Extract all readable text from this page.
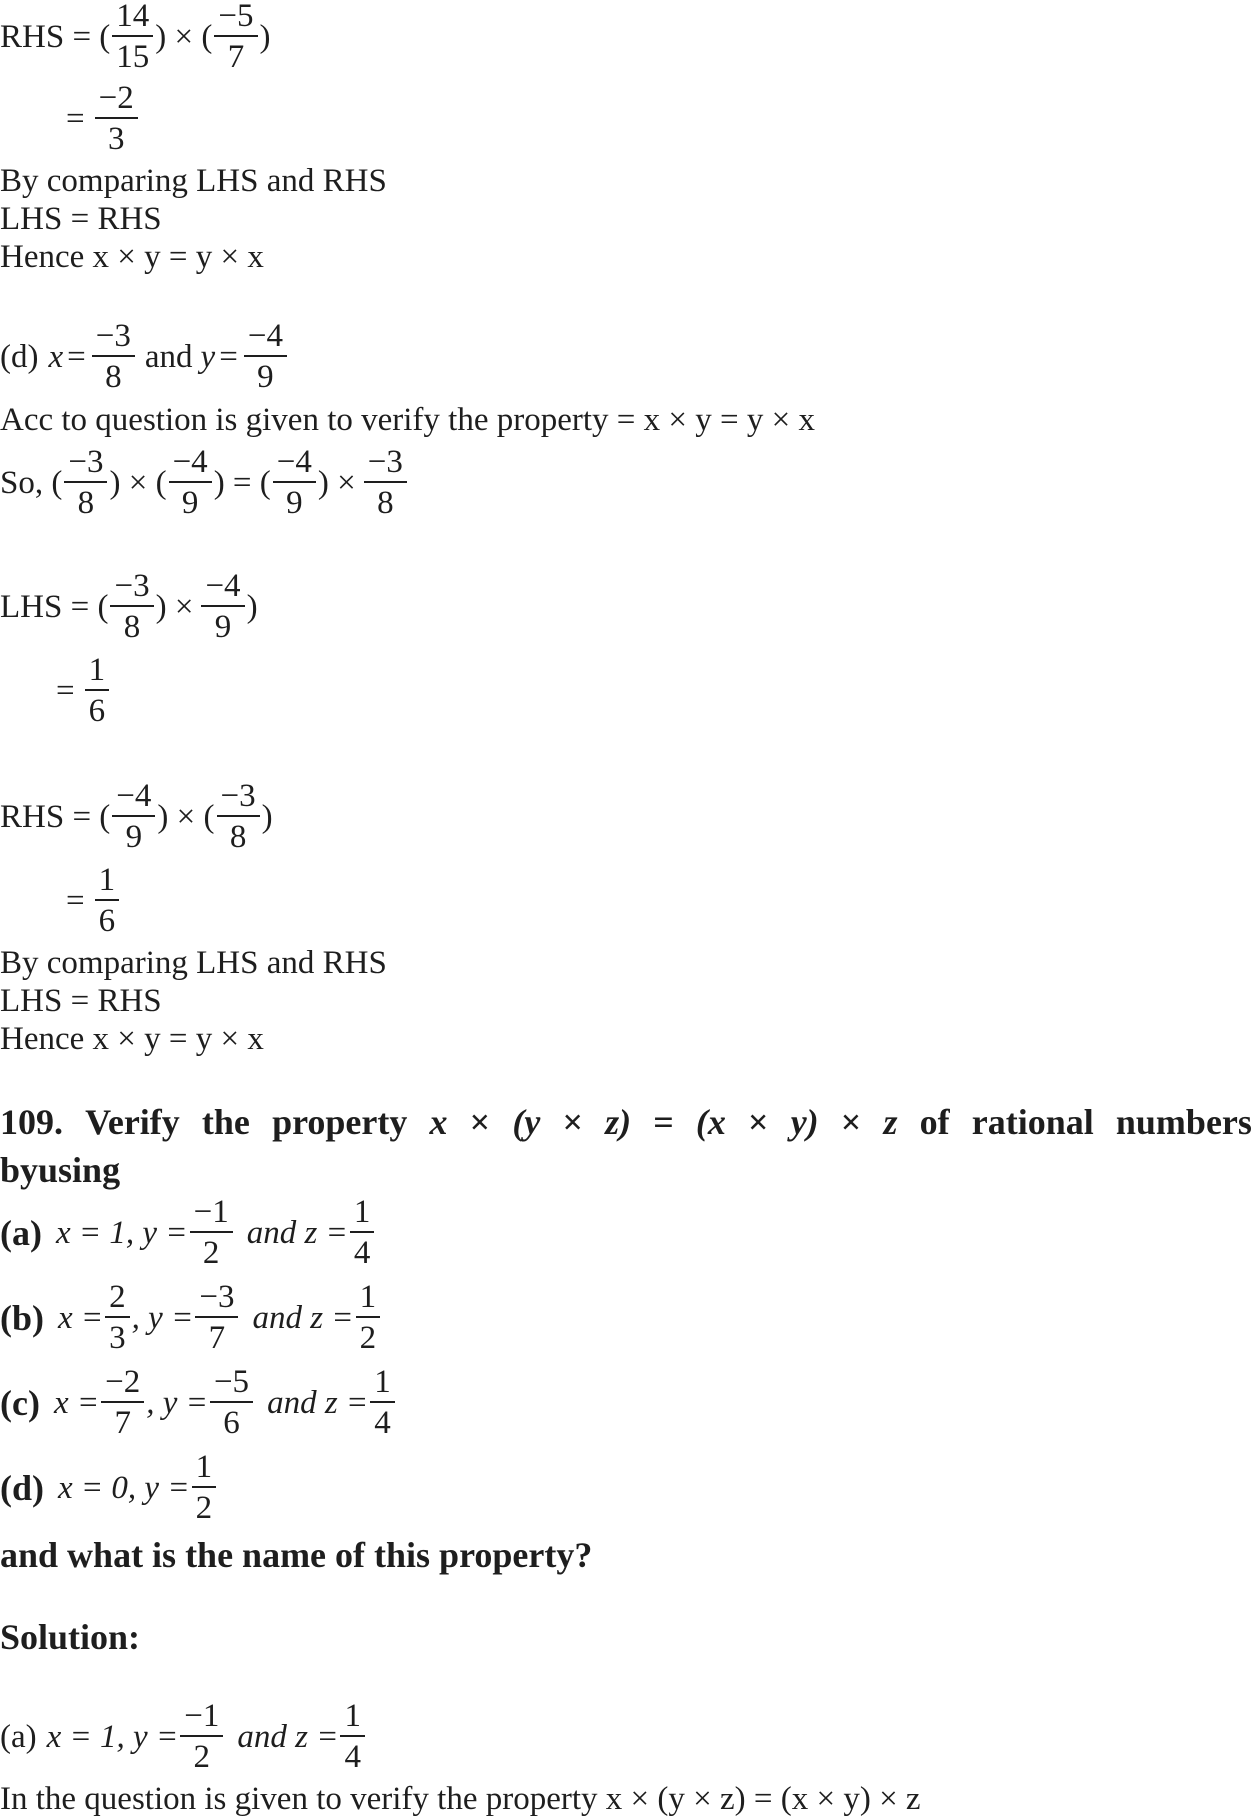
RHS = ( $\frac{14}{15}$ ) × ( $\frac{-5}{7}$ )
= $\frac{-2}{3}$
By comparing LHS and RHS
LHS = RHS
Hence x × y = y × x
(d) $x = \frac{-3}{8}$ and $y = \frac{-4}{9}$
Acc to question is given to verify the property = x × y = y × x
So, ( $\frac{-3}{8}$ ) × ( $\frac{-4}{9}$ ) = ( $\frac{-4}{9}$ ) × $\frac{-3}{8}$
LHS = ( $\frac{-3}{8}$ ) × $\frac{-4}{9}$ )
= $\frac{1}{6}$
RHS = ( $\frac{-4}{9}$ ) × ( $\frac{-3}{8}$ )
= $\frac{1}{6}$
By comparing LHS and RHS
LHS = RHS
Hence x × y = y × x
109. Verify the property x × (y × z) = (x × y) × z of rational numbers
byusing
(a) x = 1, $y = \frac{-1}{2}$ and $z = \frac{1}{4}$
(b) $x = \frac{2}{3}$ , $y = \frac{-3}{7}$ and $z = \frac{1}{2}$
(c) $x = \frac{-2}{7}$ , $y = \frac{-5}{6}$ and $z = \frac{1}{4}$
(d) x = 0, $y = \frac{1}{2}$
and what is the name of this property?
Solution:
(a) x = 1, $y = \frac{-1}{2}$ and $z = \frac{1}{4}$
In the question is given to verify the property x × (y × z) = (x × y) × z
